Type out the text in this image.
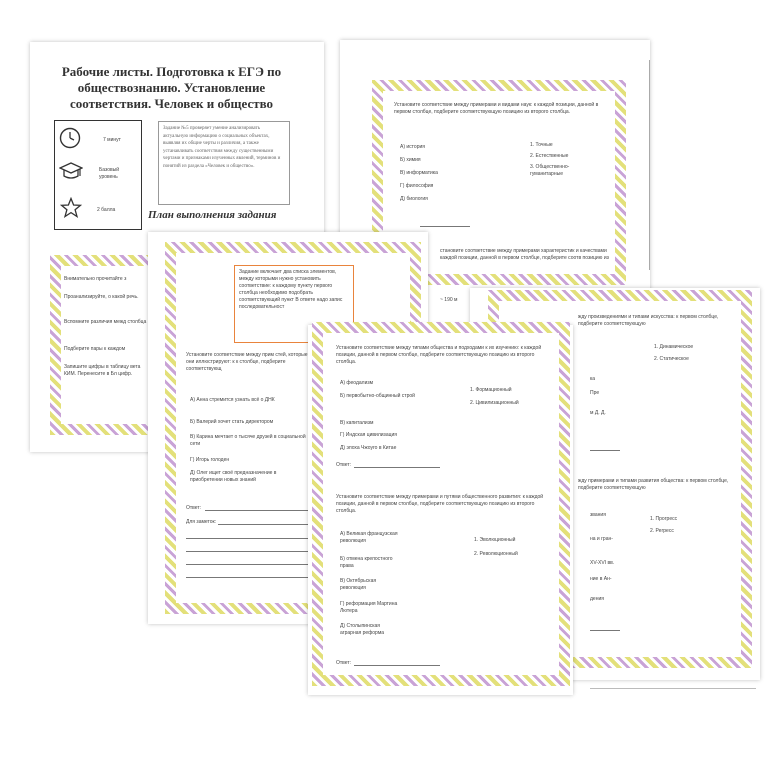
Рабочие листы. Подготовка к ЕГЭ по обществознанию. Установление соответствия. Человек и общество
7 минут
Базовый уровень
2 балла
Задание №5 проверяет умение анализировать актуальную информацию о социальных объектах, выявляя их общие черты и различия, а также устанавливать соответствия между существенными чертами и признаками изученных явлений, терминов и понятий из раздела «Человек и общество».
План выполнения задания
Внимательно прочитайте з
Проанализируйте, о какой речь.
Вспомните различия межд столбца
Подберите пары к каждом
Запишите цифры в таблицу вета КИМ. Перенесите в Бл цифр.
Установите соответствие между примерами и видами наук: к каждой позиции, данной в первом столбце, подберите соответствующую позицию из второго столбца.
А) история
Б) химия
В) информатика
Г) философия
Д) биология
1. Точные
2. Естественные
3. Общественно-гуманитарные
становите соответствие между примерами характеристик и качествами каждой позиции, данной в первом столбце, подберите соотв позицию из
~ 190 м
Задание включает два списка элементов, между которыми нужно установить соответствие: к каждому пункту первого столбца необходимо подобрать соответствующий пункт В ответе надо запис последовательност
Установите соответствие между прим стей, которые они иллюстрируют: к к столбце, подберите соответствующ
А) Анна стремится узнать всё о ДНК
Б) Валерий хочет стать директором
В) Карина мечтает о тысяче друзей в социальной сети
Г) Игорь голоден
Д) Олег ищет своё предназначение в приобретении новых знаний
Ответ:
Для заметок:
жду произведениями и типами искусства: к первом столбце, подберите соответствующую
1. Динамическое
2. Статическое
ка
Пре
м Д. Д.
жду примерами и типами развития общества: к первом столбце, подберите соответствующую
1. Прогресс
2. Регресс
звания
на и гран-
XV-XVI вв.
ние в Ан-
дения
Установите соответствие между типами общества и подходами к их изучению: к каждой позиции, данной в первом столбце, подберите соответствующую позицию из второго столбца.
А) феодализм
Б) первобытно-общинный строй
В) капитализм
Г) Индская цивилизация
Д) эпоха Чжоуго в Китае
1. Формационный
2. Цивилизационный
Ответ:
Установите соответствие между примерами и путями общественного развития: к каждой позиции, данной в первом столбце, подберите соответствующую позицию из второго столбца.
А) Великая французская революция
Б) отмена крепостного права
В) Октябрьская революция
Г) реформация Мартина Лютера
Д) Столыпинская аграрная реформа
1. Эволюционный
2. Революционный
Ответ:
